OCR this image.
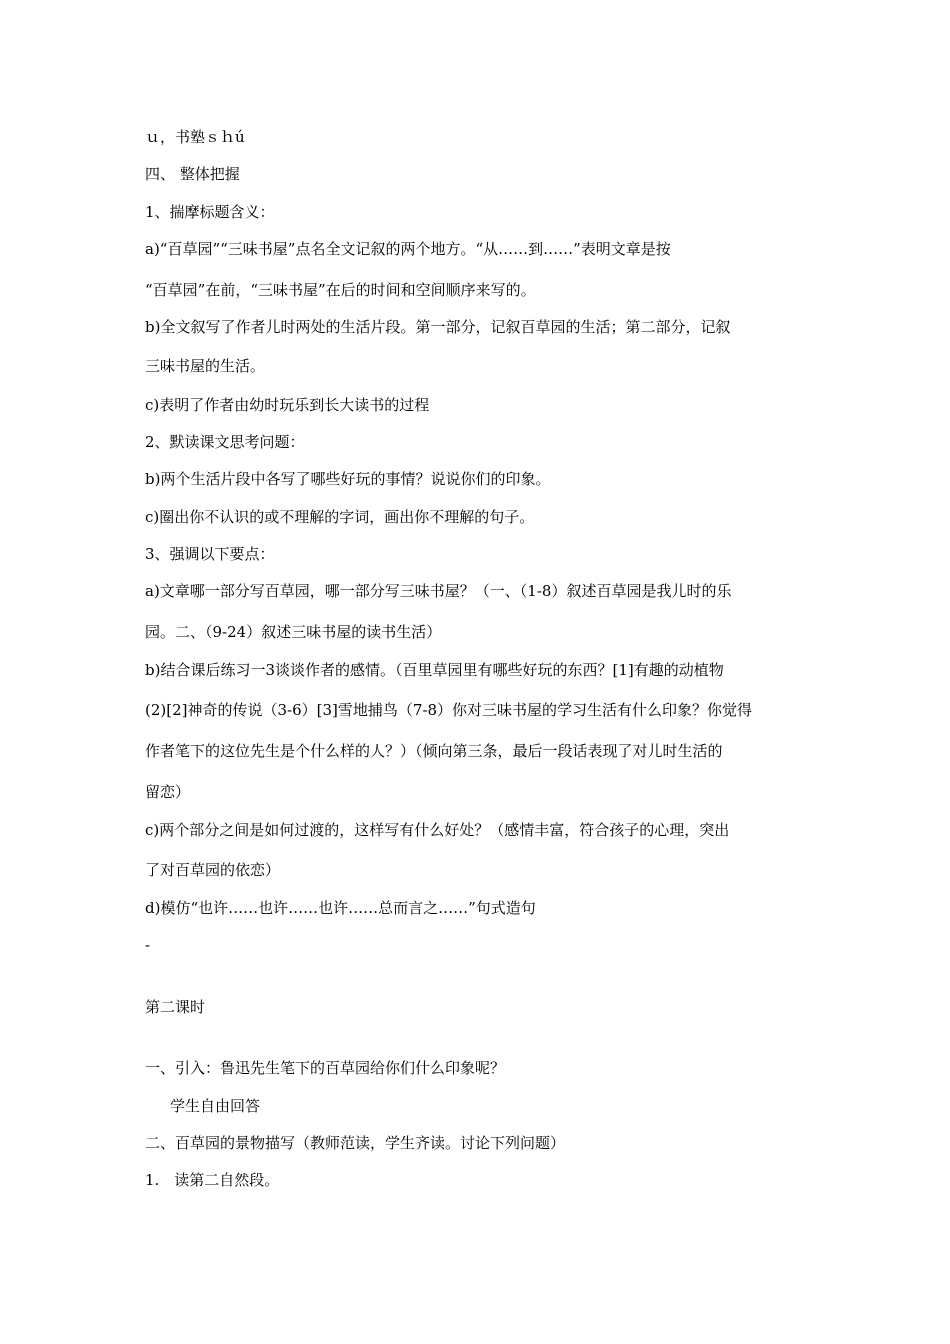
ｕ，书塾ｓｈú
四、 整体把握
1、揣摩标题含义：
a)“百草园”“三味书屋”点名全文记叙的两个地方。“从……到……”表明文章是按
“百草园”在前，“三味书屋”在后的时间和空间顺序来写的。
b)全文叙写了作者儿时两处的生活片段。第一部分，记叙百草园的生活；第二部分，记叙
三味书屋的生活。
c)表明了作者由幼时玩乐到长大读书的过程
2、默读课文思考问题：
b)两个生活片段中各写了哪些好玩的事情？说说你们的印象。
c)圈出你不认识的或不理解的字词，画出你不理解的句子。
3、强调以下要点：
a)文章哪一部分写百草园，哪一部分写三味书屋？（一、（1-8）叙述百草园是我儿时的乐
园。二、（9-24）叙述三味书屋的读书生活）
b)结合课后练习一3谈谈作者的感情。（百里草园里有哪些好玩的东西？[1]有趣的动植物
(2)[2]神奇的传说（3-6）[3]雪地捕鸟（7-8）你对三味书屋的学习生活有什么印象？你觉得
作者笔下的这位先生是个什么样的人？）（倾向第三条，最后一段话表现了对儿时生活的
留恋）
c)两个部分之间是如何过渡的，这样写有什么好处？（感情丰富，符合孩子的心理，突出
了对百草园的依恋）
d)模仿“也许……也许……也许……总而言之……”句式造句
-
第二课时
一、引入：鲁迅先生笔下的百草园给你们什么印象呢？
学生自由回答
二、百草园的景物描写（教师范读，学生齐读。讨论下列问题）
1.　读第二自然段。
